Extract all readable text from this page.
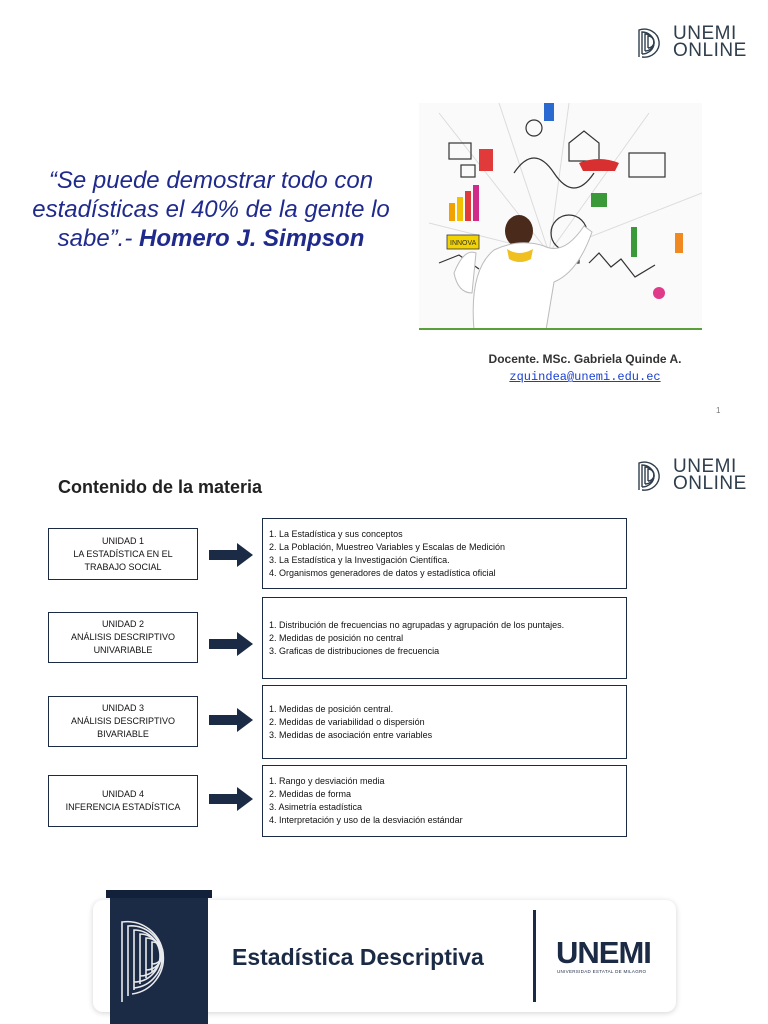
UNEMI
ONLINE
“Se puede demostrar todo con estadísticas el 40% de la gente lo sabe”.- Homero J. Simpson	INNOVA
Docente. MSc. Gabriela Quinde A.
zquindea@unemi.edu.ec
1
UNEMI
ONLINE
Contenido de la materia
UNIDAD 1
LA ESTADÍSTICA EN EL
TRABAJO SOCIAL
1. La Estadística y sus conceptos
2. La Población, Muestreo Variables y Escalas de Medición
3. La Estadística y la Investigación Científica.
4. Organismos generadores de datos y estadística oficial
UNIDAD 2
ANÁLISIS DESCRIPTIVO
UNIVARIABLE
1. Distribución de frecuencias no agrupadas y agrupación de los puntajes.
2. Medidas de posición no central
3. Graficas de distribuciones de frecuencia
UNIDAD 3
ANÁLISIS DESCRIPTIVO
BIVARIABLE
1. Medidas de posición central.
2. Medidas de variabilidad o dispersión
3. Medidas de asociación entre variables
UNIDAD 4
INFERENCIA ESTADÍSTICA
1. Rango y desviación media
2. Medidas de forma
3. Asimetría estadística
4. Interpretación y uso de la desviación estándar
Estadística Descriptiva UNEMI
UNIVERSIDAD ESTATAL DE MILAGRO
